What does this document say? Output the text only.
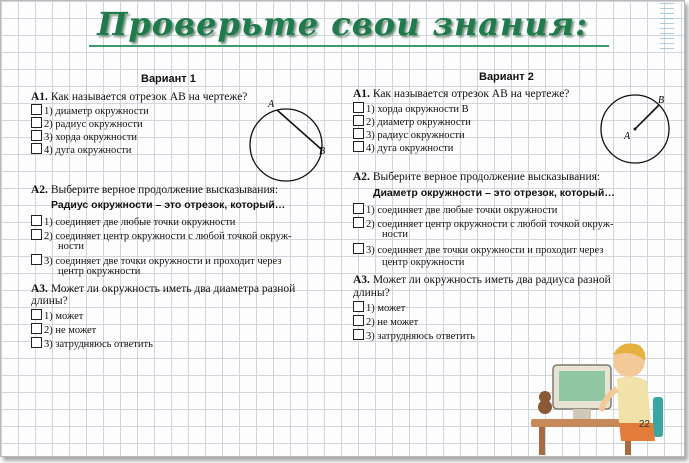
Проверьте свои знания:
Вариант 1
А1. Как называется отрезок AB на чертеже?
1) диаметр окружности
2) радиус окружности
3) хорда окружности
4) дуга окружности
A
B
А2. Выберите верное продолжение высказывания:
Радиус окружности – это отрезок, который…
1) соединяет две любые точки окружности
2) соединяет центр окружности с любой точкой окруж-
ности
3) соединяет две точки окружности и проходит через
центр окружности
А3. Может ли окружность иметь два диаметра разной
длины?
1) может
2) не может
3) затрудняюсь ответить
Вариант 2
А1. Как называется отрезок AB на чертеже?
1) хорда окружности B
2) диаметр окружности
3) радиус окружности
4) дуга окружности
A
B
А2. Выберите верное продолжение высказывания:
Диаметр окружности – это отрезок, который…
1) соединяет две любые точки окружности
2) соединяет центр окружности с любой точкой окруж-
ности
3) соединяет две точки окружности и проходит через
центр окружности
А3. Может ли окружность иметь два радиуса разной
длины?
1) может
2) не может
3) затрудняюсь ответить
22
